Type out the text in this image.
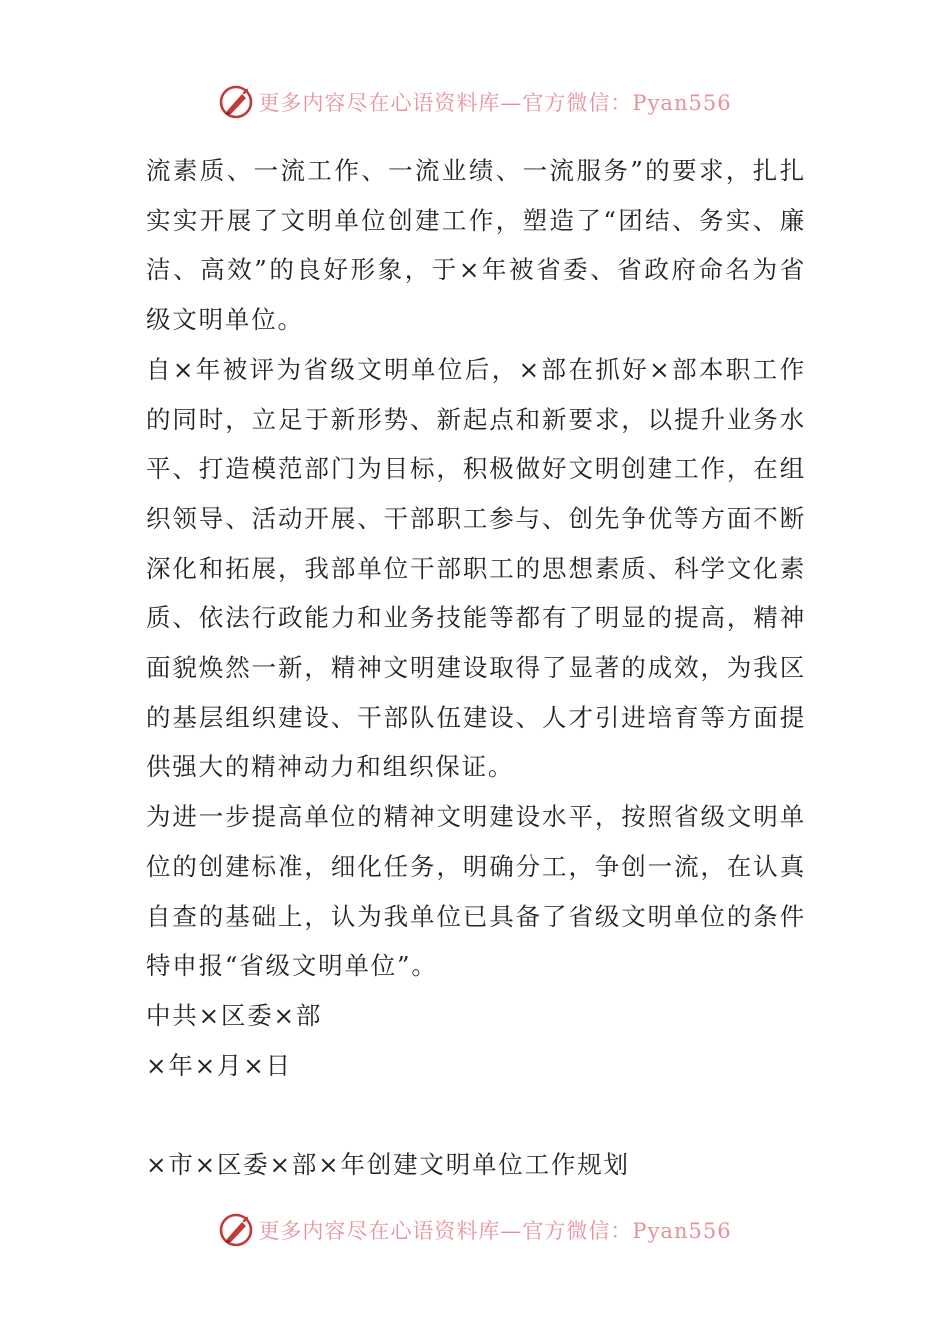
更多内容尽在心语资料库—官方微信：Pyan556

流素质、一流工作、一流业绩、一流服务”的要求，扎扎实实开展了文明单位创建工作，塑造了“团结、务实、廉洁、高效”的良好形象，于×年被省委、省政府命名为省级文明单位。

自×年被评为省级文明单位后，×部在抓好×部本职工作的同时，立足于新形势、新起点和新要求，以提升业务水平、打造模范部门为目标，积极做好文明创建工作，在组织领导、活动开展、干部职工参与、创先争优等方面不断深化和拓展，我部单位干部职工的思想素质、科学文化素质、依法行政能力和业务技能等都有了明显的提高，精神面貌焕然一新，精神文明建设取得了显著的成效，为我区的基层组织建设、干部队伍建设、人才引进培育等方面提供强大的精神动力和组织保证。

为进一步提高单位的精神文明建设水平，按照省级文明单位的创建标准，细化任务，明确分工，争创一流，在认真自查的基础上，认为我单位已具备了省级文明单位的条件特申报“省级文明单位”。

中共×区委×部

×年×月×日

×市×区委×部×年创建文明单位工作规划

更多内容尽在心语资料库—官方微信：Pyan556
